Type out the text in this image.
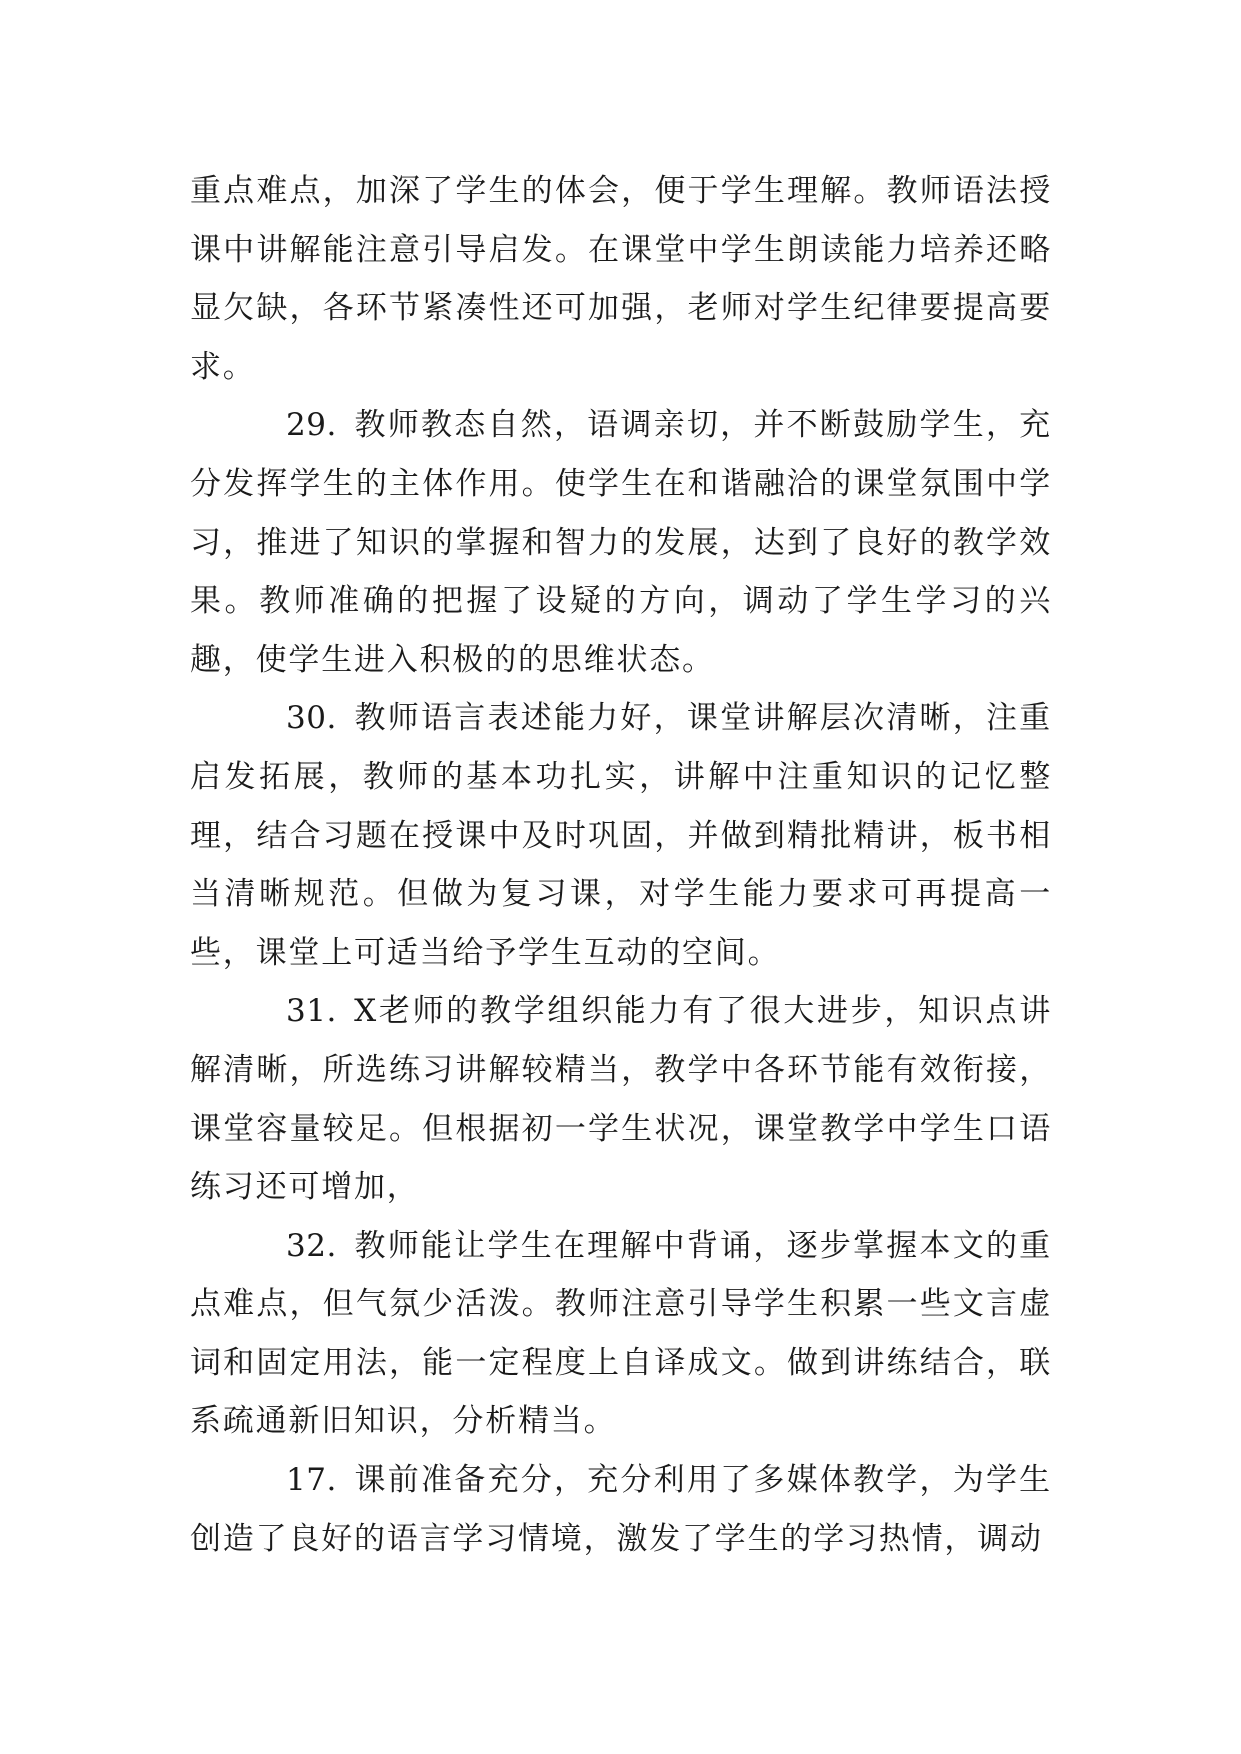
重点难点，加深了学生的体会，便于学生理解。教师语法授课中讲解能注意引导启发。在课堂中学生朗读能力培养还略显欠缺，各环节紧凑性还可加强，老师对学生纪律要提高要求。

29.  教师教态自然，语调亲切，并不断鼓励学生，充分发挥学生的主体作用。使学生在和谐融洽的课堂氛围中学习，推进了知识的掌握和智力的发展，达到了良好的教学效果。教师准确的把握了设疑的方向，调动了学生学习的兴趣，使学生进入积极的的思维状态。

30.  教师语言表述能力好，课堂讲解层次清晰，注重启发拓展，教师的基本功扎实，讲解中注重知识的记忆整理，结合习题在授课中及时巩固，并做到精批精讲，板书相当清晰规范。但做为复习课，对学生能力要求可再提高一些，课堂上可适当给予学生互动的空间。

31.  X老师的教学组织能力有了很大进步，知识点讲解清晰，所选练习讲解较精当，教学中各环节能有效衔接，课堂容量较足。但根据初一学生状况，课堂教学中学生口语练习还可增加，

32.  教师能让学生在理解中背诵，逐步掌握本文的重点难点，但气氛少活泼。教师注意引导学生积累一些文言虚词和固定用法，能一定程度上自译成文。做到讲练结合，联系疏通新旧知识，分析精当。

17.  课前准备充分，充分利用了多媒体教学，为学生创造了良好的语言学习情境，激发了学生的学习热情，调动
